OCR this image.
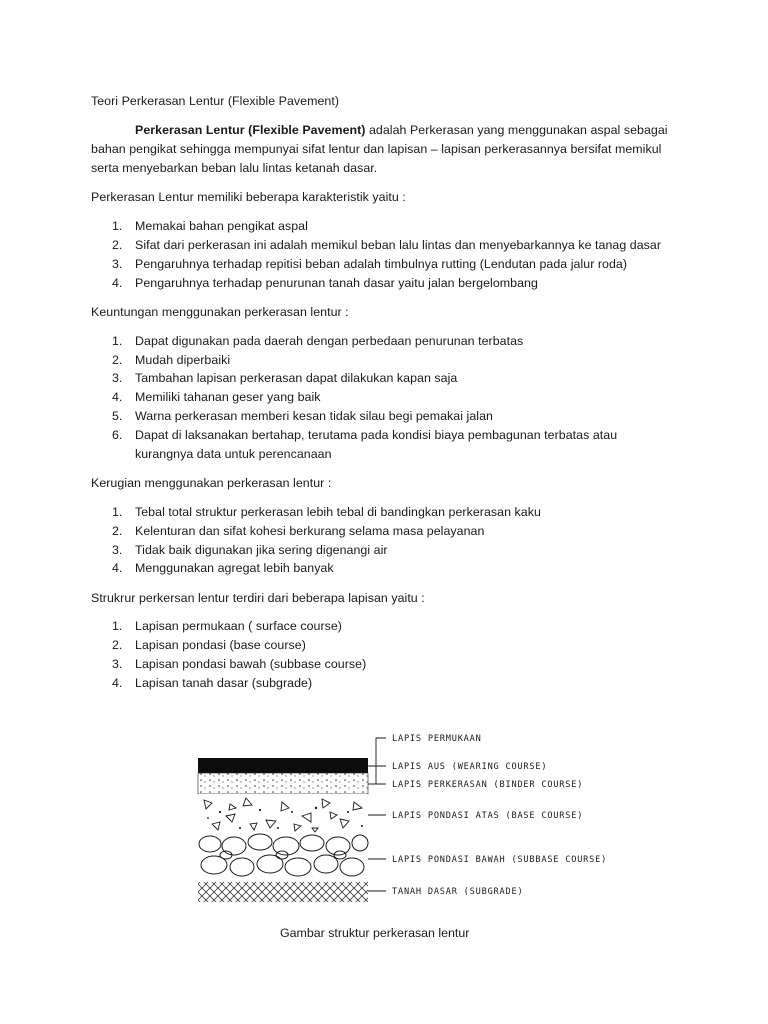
Teori Perkerasan Lentur (Flexible Pavement)
Perkerasan Lentur (Flexible Pavement) adalah Perkerasan yang menggunakan aspal sebagai
bahan pengikat sehingga mempunyai sifat lentur dan lapisan – lapisan perkerasannya bersifat memikul
serta menyebarkan beban lalu lintas ketanah dasar.
Perkerasan Lentur memiliki beberapa karakteristik yaitu :
1. Memakai bahan pengikat aspal
2. Sifat dari perkerasan ini adalah memikul beban lalu lintas dan menyebarkannya ke tanag dasar
3. Pengaruhnya terhadap repitisi beban adalah timbulnya rutting (Lendutan pada jalur roda)
4. Pengaruhnya terhadap penurunan tanah dasar yaitu jalan bergelombang
Keuntungan menggunakan perkerasan lentur :
1. Dapat digunakan pada daerah dengan perbedaan penurunan terbatas
2. Mudah diperbaiki
3. Tambahan lapisan perkerasan dapat dilakukan kapan saja
4. Memiliki tahanan geser yang baik
5. Warna perkerasan memberi kesan tidak silau begi pemakai jalan
6. Dapat di laksanakan bertahap, terutama pada kondisi biaya pembagunan terbatas atau
kurangnya data untuk perencanaan
Kerugian menggunakan perkerasan lentur :
1. Tebal total struktur perkerasan lebih tebal di bandingkan perkerasan kaku
2. Kelenturan dan sifat kohesi berkurang selama masa pelayanan
3. Tidak baik digunakan jika sering digenangi air
4. Menggunakan agregat lebih banyak
Strukrur perkersan lentur terdiri dari beberapa lapisan yaitu :
1. Lapisan permukaan ( surface course)
2. Lapisan pondasi (base course)
3. Lapisan pondasi bawah (subbase course)
4. Lapisan tanah dasar (subgrade)
LAPIS PERMUKAAN
LAPIS AUS (WEARING COURSE)
LAPIS PERKERASAN (BINDER COURSE)
LAPIS PONDASI ATAS (BASE COURSE)
LAPIS PONDASI BAWAH (SUBBASE COURSE)
TANAH DASAR (SUBGRADE)
Gambar struktur perkerasan lentur
